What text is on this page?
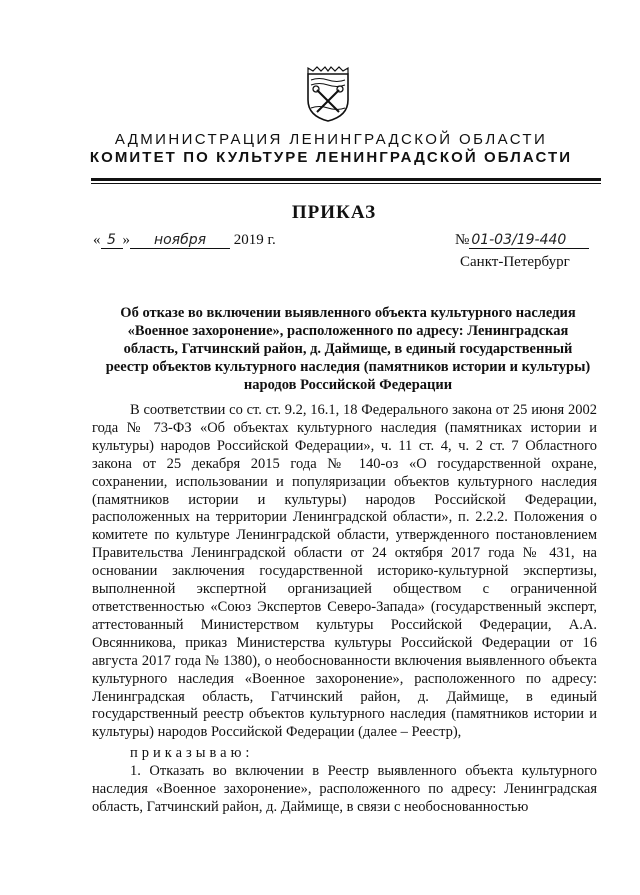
АДМИНИСТРАЦИЯ ЛЕНИНГРАДСКОЙ ОБЛАСТИ
КОМИТЕТ ПО КУЛЬТУРЕ ЛЕНИНГРАДСКОЙ ОБЛАСТИ
ПРИКАЗ
« 5 » ноября 2019 г.	№ 01-03/19-440
Санкт-Петербург
Об отказе во включении выявленного объекта культурного наследия
«Военное захоронение», расположенного по адресу: Ленинградская
область, Гатчинский район, д. Даймище, в единый государственный
реестр объектов культурного наследия (памятников истории и культуры)
народов Российской Федерации

В соответствии со ст. ст. 9.2, 16.1, 18 Федерального закона от 25 июня 2002 года № 73-ФЗ «Об объектах культурного наследия (памятниках истории и культуры) народов Российской Федерации», ч. 11 ст. 4, ч. 2 ст. 7 Областного закона от 25 декабря 2015 года № 140-оз «О государственной охране, сохранении, использовании и популяризации объектов культурного наследия (памятников истории и культуры) народов Российской Федерации, расположенных на территории Ленинградской области», п. 2.2.2. Положения о комитете по культуре Ленинградской области, утвержденного постановлением Правительства Ленинградской области от 24 октября 2017 года № 431, на основании заключения государственной историко-культурной экспертизы, выполненной экспертной организацией обществом с ограниченной ответственностью «Союз Экспертов Северо-Запада» (государственный эксперт, аттестованный Министерством культуры Российской Федерации, А.А. Овсянникова, приказ Министерства культуры Российской Федерации от 16 августа 2017 года № 1380), о необоснованности включения выявленного объекта культурного наследия «Военное захоронение», расположенного по адресу: Ленинградская область, Гатчинский район, д. Даймище, в единый государственный реестр объектов культурного наследия (памятников истории и культуры) народов Российской Федерации (далее – Реестр),

приказываю:

1. Отказать во включении в Реестр выявленного объекта культурного наследия «Военное захоронение», расположенного по адресу: Ленинградская область, Гатчинский район, д. Даймище, в связи с необоснованностью
